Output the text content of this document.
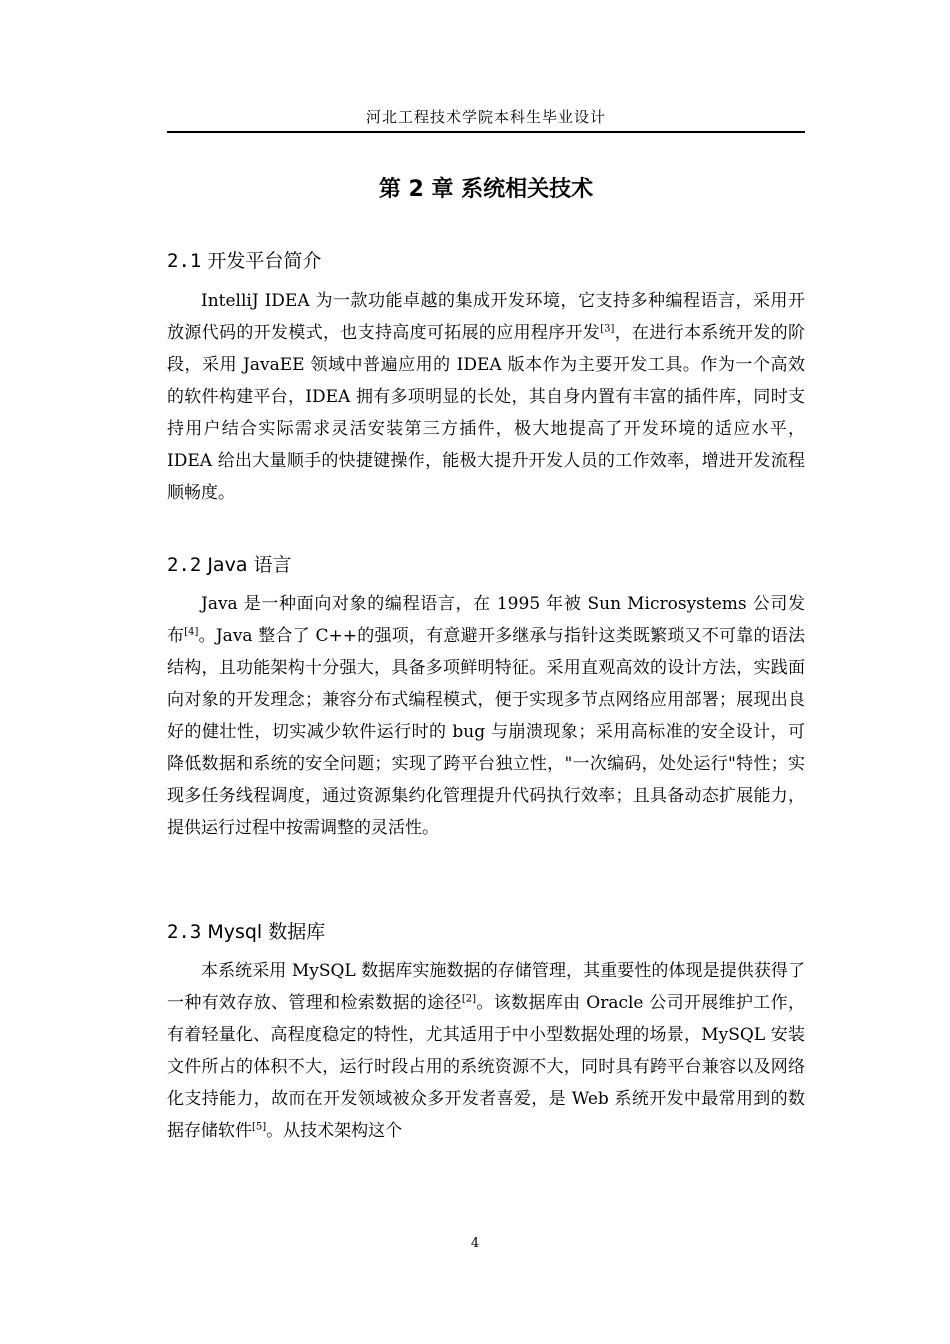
河北工程技术学院本科生毕业设计
第 2 章 系统相关技术
2.1 开发平台简介

IntelliJ IDEA 为一款功能卓越的集成开发环境，它支持多种编程语言，采用开放源代码的开发模式，也支持高度可拓展的应用程序开发[3]，在进行本系统开发的阶段，采用 JavaEE 领域中普遍应用的 IDEA 版本作为主要开发工具。作为一个高效的软件构建平台，IDEA 拥有多项明显的长处，其自身内置有丰富的插件库，同时支持用户结合实际需求灵活安装第三方插件，极大地提高了开发环境的适应水平，IDEA 给出大量顺手的快捷键操作，能极大提升开发人员的工作效率，增进开发流程顺畅度。

2.2 Java 语言

Java 是一种面向对象的编程语言，在 1995 年被 Sun Microsystems 公司发布[4]。Java 整合了 C++的强项，有意避开多继承与指针这类既繁琐又不可靠的语法结构，且功能架构十分强大，具备多项鲜明特征。采用直观高效的设计方法，实践面向对象的开发理念；兼容分布式编程模式，便于实现多节点网络应用部署；展现出良好的健壮性，切实减少软件运行时的 bug 与崩溃现象；采用高标准的安全设计，可降低数据和系统的安全问题；实现了跨平台独立性，"一次编码，处处运行"特性；实现多任务线程调度，通过资源集约化管理提升代码执行效率；且具备动态扩展能力，提供运行过程中按需调整的灵活性。

2.3 Mysql 数据库

本系统采用 MySQL 数据库实施数据的存储管理，其重要性的体现是提供获得了一种有效存放、管理和检索数据的途径[2]。该数据库由 Oracle 公司开展维护工作，有着轻量化、高程度稳定的特性，尤其适用于中小型数据处理的场景，MySQL 安装文件所占的体积不大，运行时段占用的系统资源不大，同时具有跨平台兼容以及网络化支持能力，故而在开发领域被众多开发者喜爱，是 Web 系统开发中最常用到的数据存储软件[5]。从技术架构这个

4
